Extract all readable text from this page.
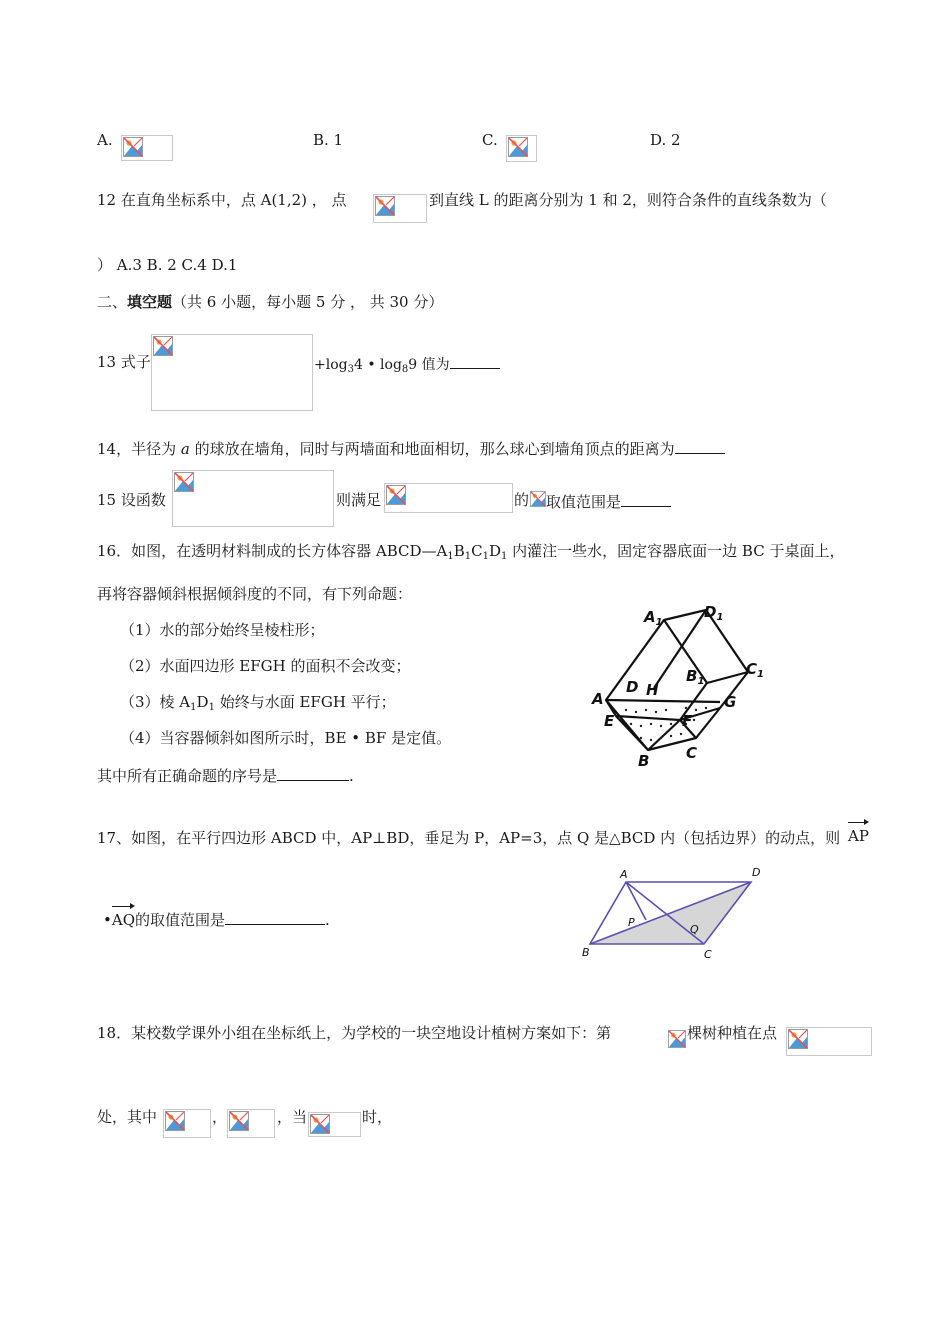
A.	B. 1	C.	D. 2
12 在直角坐标系中，点 A(1,2) ， 点	到直线 L 的距离分别为 1 和 2，则符合条件的直线条数为（
） A.3 B. 2 C.4 D.1
二、填空题（共 6 小题，每小题 5 分 ， 共 30 分）
13 式子	$+\log_34$ • $\log_89$ 值为
14，半径为 a 的球放在墙角，同时与两墙面和地面相切，那么球心到墙角顶点的距离为
15 设函数	则满足	的 取值范围是
16．如图，在透明材料制成的长方体容器 $ABCD—A_1B_1C_1D_1$ 内灌注一些水，固定容器底面一边 BC 于桌面上，
再将容器倾斜根据倾斜度的不同，有下列命题：
（1）水的部分始终呈棱柱形；
（2）水面四边形 EFGH 的面积不会改变；
（3）棱 $A_1D_1$ 始终与水面 EFGH 平行；
（4）当容器倾斜如图所示时，BE • BF 是定值。
其中所有正确命题的序号是	.
$A_1$
$D_1$
$B_1$
$C_1$
A
D H
G
E	F
B C
17、如图，在平行四边形 ABCD 中，AP⊥BD，垂足为 P，AP=3，点 Q 是△BCD 内（包括边界）的动点，则 AP
•AQ的取值范围是	.
A	D
P
Q
B	C
18．某校数学课外小组在坐标纸上，为学校的一块空地设计植树方案如下：第	棵树种植在点
处，其中	，	，当	时，
